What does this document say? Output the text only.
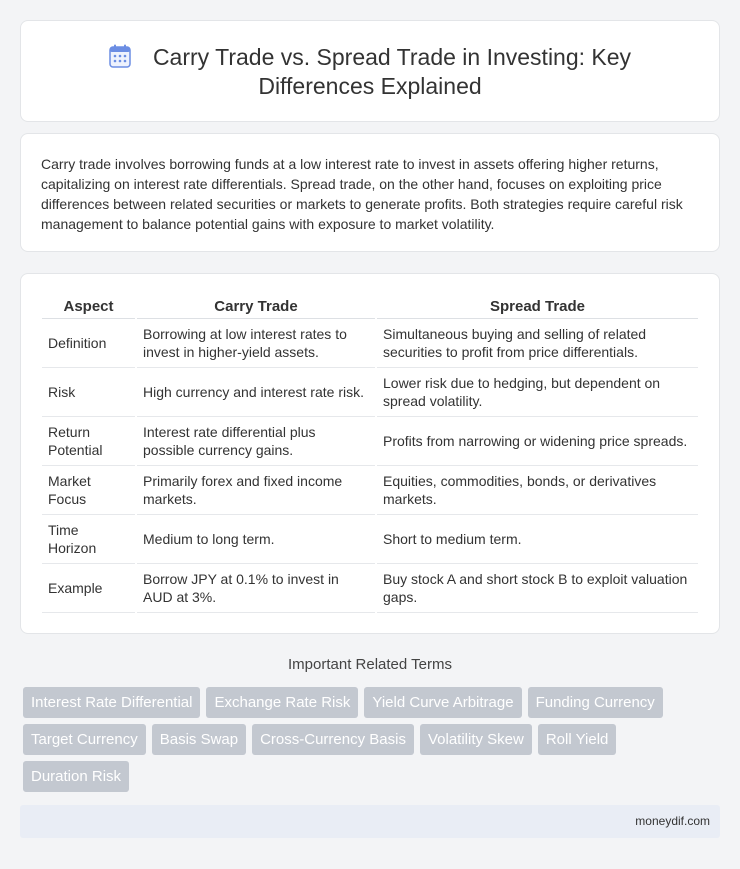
Carry Trade vs. Spread Trade in Investing: Key
Differences Explained

Carry trade involves borrowing funds at a low interest rate to invest in assets offering higher returns, capitalizing on interest rate differentials. Spread trade, on the other hand, focuses on exploiting price differences between related securities or markets to generate profits. Both strategies require careful risk management to balance potential gains with exposure to market volatility.

Aspect	Carry Trade	Spread Trade
Definition	Borrowing at low interest rates to invest in higher-yield assets.	Simultaneous buying and selling of related securities to profit from price differentials.
Risk	High currency and interest rate risk.	Lower risk due to hedging, but dependent on spread volatility.
Return Potential	Interest rate differential plus possible currency gains.	Profits from narrowing or widening price spreads.
Market Focus	Primarily forex and fixed income markets.	Equities, commodities, bonds, or derivatives markets.
Time Horizon	Medium to long term.	Short to medium term.
Example	Borrow JPY at 0.1% to invest in AUD at 3%.	Buy stock A and short stock B to exploit valuation gaps.
Important Related Terms
Interest Rate Differential	Exchange Rate Risk	Yield Curve Arbitrage	Funding Currency
Target Currency	Basis Swap	Cross-Currency Basis	Volatility Skew	Roll Yield
Duration Risk
moneydif.com
